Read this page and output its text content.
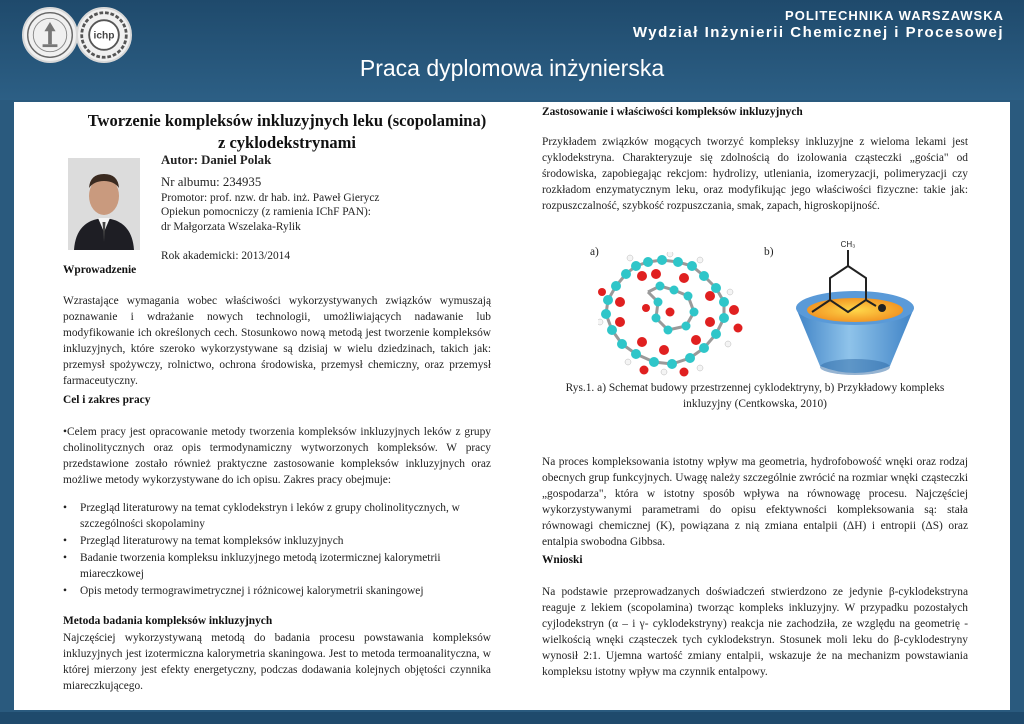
ichp
POLITECHNIKA WARSZAWSKA
Wydział Inżynierii Chemicznej i Procesowej
Praca dyplomowa inżynierska
Tworzenie kompleksów inkluzyjnych leku (scopolamina)
z cyklodekstrynami
Autor: Daniel Polak
Nr albumu: 234935
Promotor: prof. nzw. dr hab. inż. Paweł Gierycz
Opiekun pomocniczy (z ramienia IChF PAN):
dr Małgorzata Wszelaka-Rylik
Rok akademicki: 2013/2014
Wprowadzenie
Wzrastające wymagania wobec właściwości wykorzystywanych związków wymuszają poznawanie i wdrażanie nowych technologii, umożliwiających nadawanie lub modyfikowanie ich określonych cech. Stosunkowo nową metodą jest tworzenie kompleksów inkluzyjnych, które szeroko wykorzystywane są dzisiaj w wielu dziedzinach, takich jak: przemysł spożywczy, rolnictwo, ochrona środowiska, przemysł chemiczny, oraz przemysł farmaceutyczny.
Cel i zakres pracy
•Celem pracy jest opracowanie metody tworzenia kompleksów inkluzyjnych leków z grupy cholinolitycznych oraz opis termodynamiczny wytworzonych kompleksów. W pracy przedstawione zostało również praktyczne zastosowanie kompleksów inkluzyjnych oraz możliwe metody wykorzystywane do ich opisu. Zakres pracy obejmuje:
•	Przegląd literaturowy na temat cyklodekstryn i leków z grupy cholinolitycznych, w szczególności skopolaminy
•	Przegląd literaturowy na temat kompleksów inkluzyjnych
•	Badanie tworzenia kompleksu inkluzyjnego metodą izotermicznej kalorymetrii miareczkowej
•	Opis metody termograwimetrycznej i różnicowej kalorymetrii skaningowej
Metoda badania kompleksów inkluzyjnych
Najczęściej wykorzystywaną metodą do badania procesu powstawania kompleksów inkluzyjnych jest izotermiczna kalorymetria skaningowa. Jest to metoda termoanalityczna, w której mierzony jest efekty energetyczny, podczas dodawania kolejnych objętości czynnika miareczkującego.
Zastosowanie i właściwości kompleksów inkluzyjnych
Przykładem związków mogących tworzyć kompleksy inkluzyjne z wieloma lekami jest cyklodekstryna. Charakteryzuje się zdolnością do izolowania cząsteczki „gościa" od środowiska, zapobiegając rekcjom: hydrolizy, utleniania, izomeryzacji, polimeryzacji czy rozkładom enzymatycznym leku, oraz modyfikując jego właściwości fizyczne: takie jak: rozpuszczalność, szybkość rozpuszczania, smak, zapach, higroskopijność.
a)	b)
CH₃
Rys.1. a) Schemat budowy przestrzennej cyklodektryny, b) Przykładowy kompleks
inkluzyjny (Centkowska, 2010)
Na proces kompleksowania istotny wpływ ma geometria, hydrofobowość wnęki oraz rodzaj obecnych grup funkcyjnych. Uwagę należy szczególnie zwrócić na rozmiar wnęki cząsteczki „gospodarza", która w istotny sposób wpływa na równowagę procesu. Najczęściej wykorzystywanymi parametrami do opisu efektywności kompleksowania są: stała równowagi chemicznej (K), powiązana z nią zmiana entalpii (ΔH) i entropii (ΔS) oraz entalpia swobodna Gibbsa.
Wnioski
Na podstawie przeprowadzanych doświadczeń stwierdzono ze jedynie β-cyklodekstryna reaguje z lekiem (scopolamina) tworząc kompleks inkluzyjny. W przypadku pozostałych cyjlodekstryn (α – i γ- cyklodekstryny) reakcja nie zachodziła, ze względu na geometrię - wielkością wnęki cząsteczek tych cyklodekstryn. Stosunek moli leku do β-cyklodestryny wynosił 2:1. Ujemna wartość zmiany entalpii, wskazuje że na mechanizm powstawiania kompleksu istotny wpływ ma czynnik entalpowy.
